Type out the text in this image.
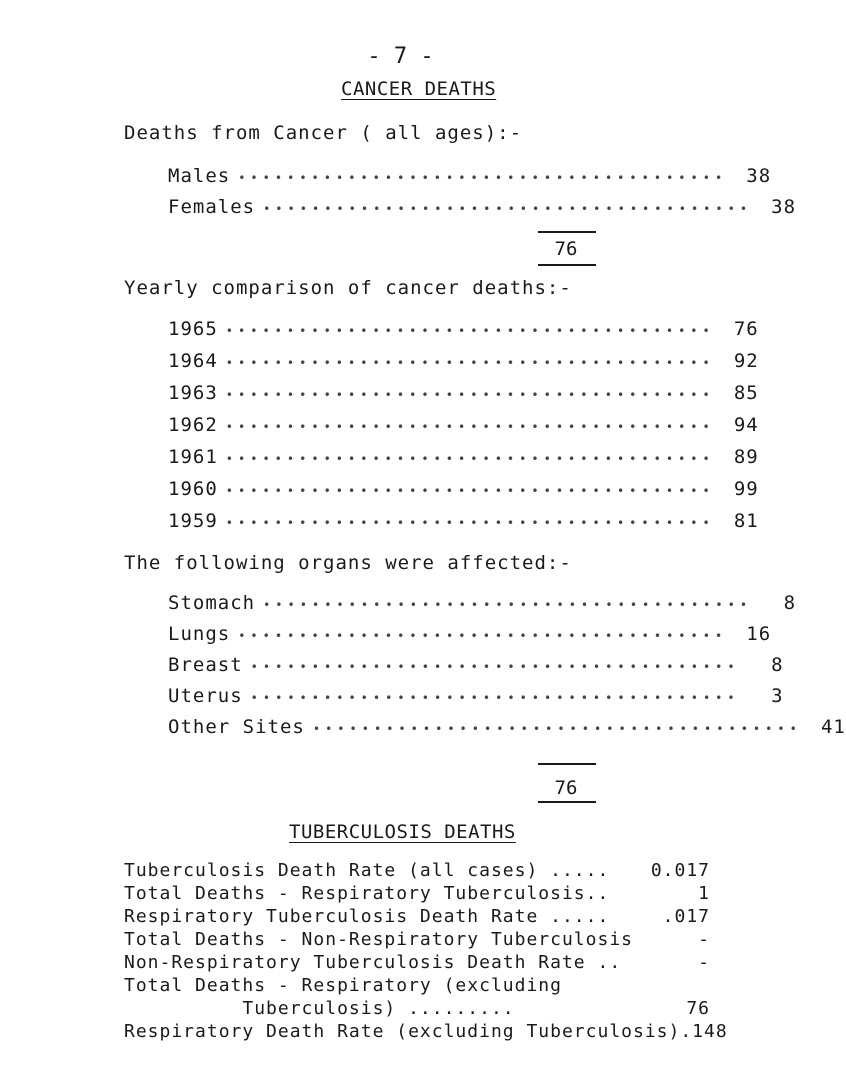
- 7 -
CANCER DEATHS
Deaths from Cancer ( all ages):-
Males ••••••••••••••••••••••••••••••••••••••••	38
Females ••••••••••••••••••••••••••••••••••••••••	38
76
Yearly comparison of cancer deaths:-
1965 ••••••••••••••••••••••••••••••••••••••••	76
1964 ••••••••••••••••••••••••••••••••••••••••	92
1963 ••••••••••••••••••••••••••••••••••••••••	85
1962 ••••••••••••••••••••••••••••••••••••••••	94
1961 ••••••••••••••••••••••••••••••••••••••••	89
1960 ••••••••••••••••••••••••••••••••••••••••	99
1959 ••••••••••••••••••••••••••••••••••••••••	81
The following organs were affected:-
Stomach ••••••••••••••••••••••••••••••••••••••••	8
Lungs ••••••••••••••••••••••••••••••••••••••••	16
Breast ••••••••••••••••••••••••••••••••••••••••	8
Uterus ••••••••••••••••••••••••••••••••••••••••	3
Other Sites ••••••••••••••••••••••••••••••••••••••••	41
76
TUBERCULOSIS DEATHS
Tuberculosis Death Rate (all cases) ..... 0.017
Total Deaths - Respiratory Tuberculosis..	1
Respiratory Tuberculosis Death Rate .....	.017
Total Deaths - Non-Respiratory Tuberculosis	-
Non-Respiratory Tuberculosis Death Rate ..	-
Total Deaths - Respiratory (excluding
Tuberculosis) .........	76
Respiratory Death Rate (excluding Tuberculosis).148
